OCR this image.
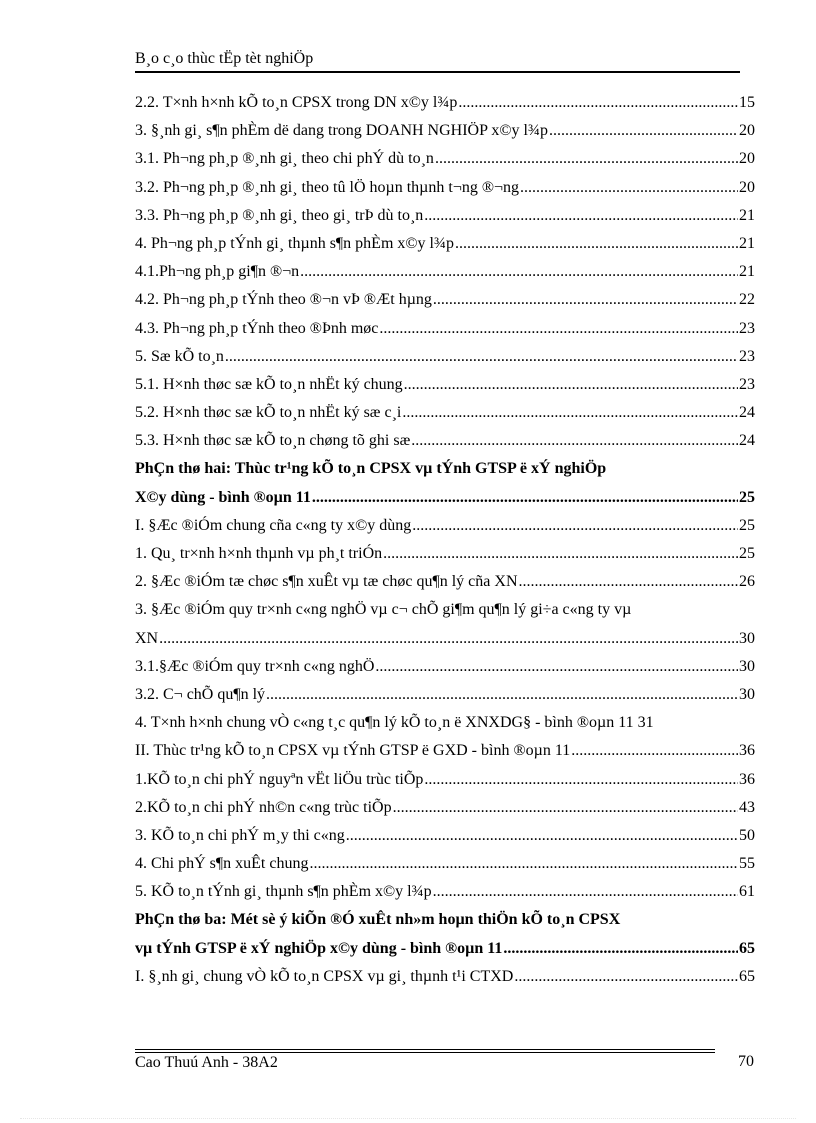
B¸o c¸o thùc tËp tèt nghiÖp
2.2. T×nh h×nh kÕ to¸n CPSX trong DN x©y l¾p .....	15
3. §¸nh gi¸ s¶n phÈm dë dang trong DOANH NGHIÖP x©y l¾p .....	20
3.1. Ph¬ng ph¸p ®¸nh gi¸ theo chi phÝ dù to¸n .....	20
3.2. Ph¬ng ph¸p ®¸nh gi¸ theo tû lÖ hoµn thµnh t¬ng ®¬ng .....	20
3.3. Ph¬ng ph¸p ®¸nh gi¸ theo gi¸ trÞ dù to¸n .....	21
4. Ph¬ng ph¸p tÝnh gi¸ thµnh s¶n phÈm x©y l¾p .....	21
4.1.Ph¬ng ph¸p gi¶n ®¬n .....	21
4.2. Ph¬ng ph¸p tÝnh theo ®¬n vÞ ®Æt hµng .....	22
4.3. Ph¬ng ph¸p tÝnh theo ®Þnh møc .....	23
5. Sæ kÕ to¸n .....	23
5.1. H×nh thøc sæ kÕ to¸n nhËt ký chung .....	23
5.2. H×nh thøc sæ kÕ to¸n nhËt ký sæ c¸i .....	24
5.3. H×nh thøc sæ kÕ to¸n chøng tõ ghi sæ .....	24
PhÇn thø hai: Thùc tr¹ng kÕ to¸n CPSX vµ tÝnh GTSP ë xÝ nghiÖp
X©y dùng - bình ®oµn 11 .....	25
I. §Æc ®iÓm chung cña c«ng ty x©y dùng .....	25
1. Qu¸ tr×nh h×nh thµnh vµ ph¸t triÓn .....	25
2. §Æc ®iÓm tæ chøc s¶n xuÊt vµ tæ chøc qu¶n lý cña XN .....	26
3. §Æc ®iÓm quy tr×nh c«ng nghÖ vµ c¬ chÕ gi¶m qu¶n lý gi÷a c«ng ty vµ
XN .....	30
3.1.§Æc ®iÓm quy tr×nh c«ng nghÖ .....	30
3.2. C¬ chÕ qu¶n lý .....	30
4. T×nh h×nh chung vÒ c«ng t¸c qu¶n lý kÕ to¸n ë XNXDG§ - bình ®oµn 11 31
II. Thùc tr¹ng kÕ to¸n CPSX vµ tÝnh GTSP ë GXD - bình ®oµn 11 .....	36
1.KÕ to¸n chi phÝ nguyªn vËt liÖu trùc tiÕp .....	36
2.KÕ to¸n chi phÝ nh©n c«ng trùc tiÕp .....	43
3. KÕ to¸n chi phÝ m¸y thi c«ng .....	50
4. Chi phÝ s¶n xuÊt chung .....	55
5. KÕ to¸n tÝnh gi¸ thµnh s¶n phÈm x©y l¾p .....	61
PhÇn thø ba: Mét sè ý kiÕn ®Ó xuÊt nh»m hoµn thiÖn kÕ to¸n CPSX
vµ tÝnh GTSP ë xÝ nghiÖp x©y dùng - bình ®oµn 11 .....	65
I. §¸nh gi¸ chung vÒ kÕ to¸n CPSX vµ gi¸ thµnh t¹i CTXD .....	65
Cao Thuú Anh - 38A2	70
